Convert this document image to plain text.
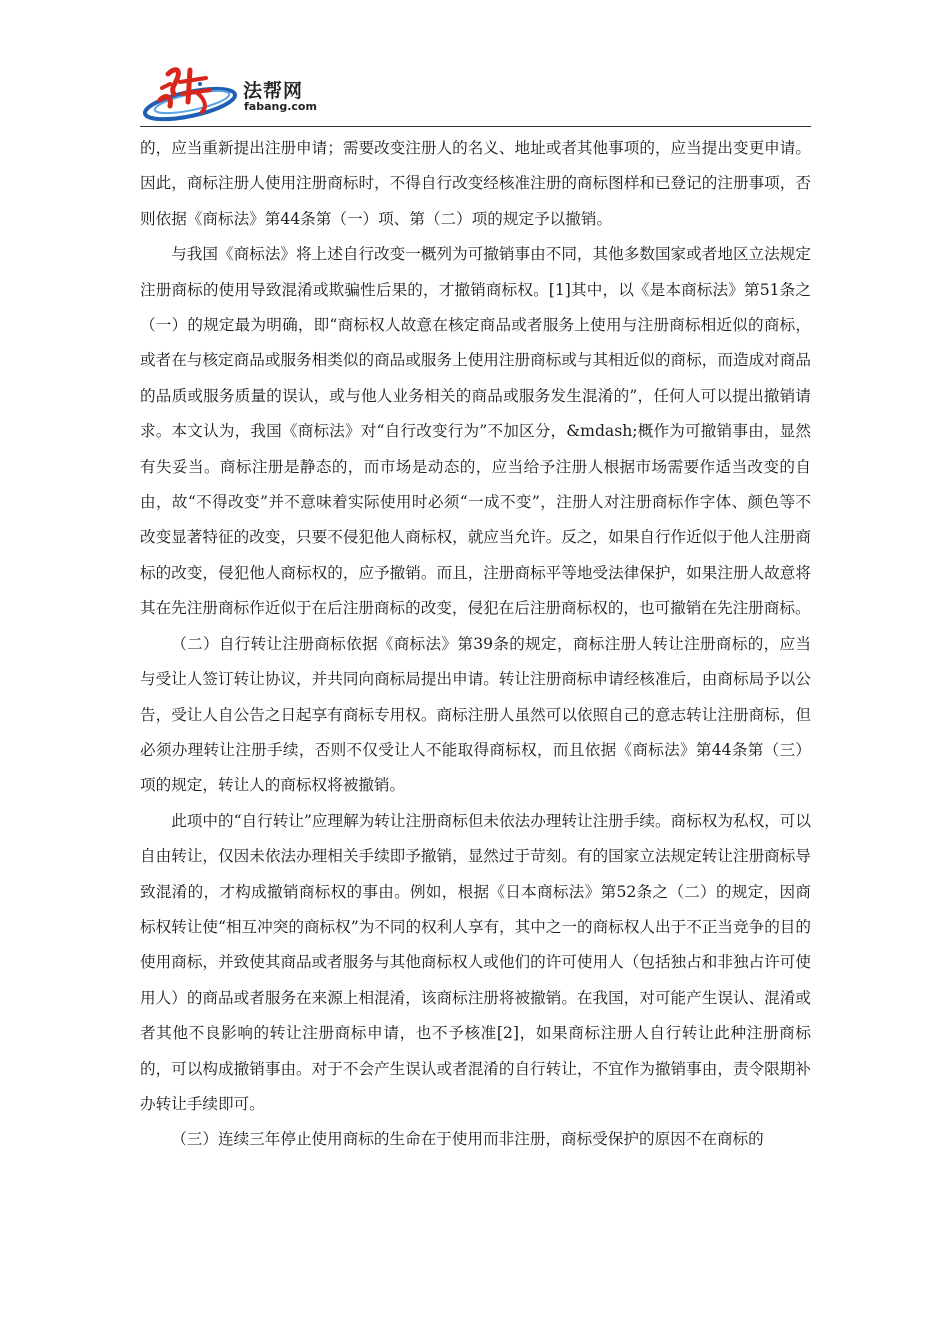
法帮网
fabang.com

的，应当重新提出注册申请；需要改变注册人的名义、地址或者其他事项的，应当提出变更申请。因此，商标注册人使用注册商标时，不得自行改变经核准注册的商标图样和已登记的注册事项，否则依据《商标法》第44条第（一）项、第（二）项的规定予以撤销。

与我国《商标法》将上述自行改变一概列为可撤销事由不同，其他多数国家或者地区立法规定注册商标的使用导致混淆或欺骗性后果的，才撤销商标权。[1]其中，以《是本商标法》第51条之（一）的规定最为明确，即“商标权人故意在核定商品或者服务上使用与注册商标相近似的商标，或者在与核定商品或服务相类似的商品或服务上使用注册商标或与其相近似的商标，而造成对商品的品质或服务质量的误认，或与他人业务相关的商品或服务发生混淆的”，任何人可以提出撤销请求。本文认为，我国《商标法》对“自行改变行为”不加区分，&mdash;概作为可撤销事由，显然有失妥当。商标注册是静态的，而市场是动态的，应当给予注册人根据市场需要作适当改变的自由，故“不得改变”并不意味着实际使用时必须“一成不变”，注册人对注册商标作字体、颜色等不改变显著特征的改变，只要不侵犯他人商标权，就应当允许。反之，如果自行作近似于他人注册商标的改变，侵犯他人商标权的，应予撤销。而且，注册商标平等地受法律保护，如果注册人故意将其在先注册商标作近似于在后注册商标的改变，侵犯在后注册商标权的，也可撤销在先注册商标。

（二）自行转让注册商标依据《商标法》第39条的规定，商标注册人转让注册商标的，应当与受让人签订转让协议，并共同向商标局提出申请。转让注册商标申请经核准后，由商标局予以公告，受让人自公告之日起享有商标专用权。商标注册人虽然可以依照自己的意志转让注册商标，但必须办理转让注册手续，否则不仅受让人不能取得商标权，而且依据《商标法》第44条第（三）项的规定，转让人的商标权将被撤销。

此项中的“自行转让”应理解为转让注册商标但未依法办理转让注册手续。商标权为私权，可以自由转让，仅因未依法办理相关手续即予撤销，显然过于苛刻。有的国家立法规定转让注册商标导致混淆的，才构成撤销商标权的事由。例如，根据《日本商标法》第52条之（二）的规定，因商标权转让使“相互冲突的商标权”为不同的权利人享有，其中之一的商标权人出于不正当竞争的目的使用商标，并致使其商品或者服务与其他商标权人或他们的许可使用人（包括独占和非独占许可使用人）的商品或者服务在来源上相混淆，该商标注册将被撤销。在我国，对可能产生误认、混淆或者其他不良影响的转让注册商标申请，也不予核准[2]，如果商标注册人自行转让此种注册商标的，可以构成撤销事由。对于不会产生误认或者混淆的自行转让，不宜作为撤销事由，责令限期补办转让手续即可。

（三）连续三年停止使用商标的生命在于使用而非注册，商标受保护的原因不在商标的
